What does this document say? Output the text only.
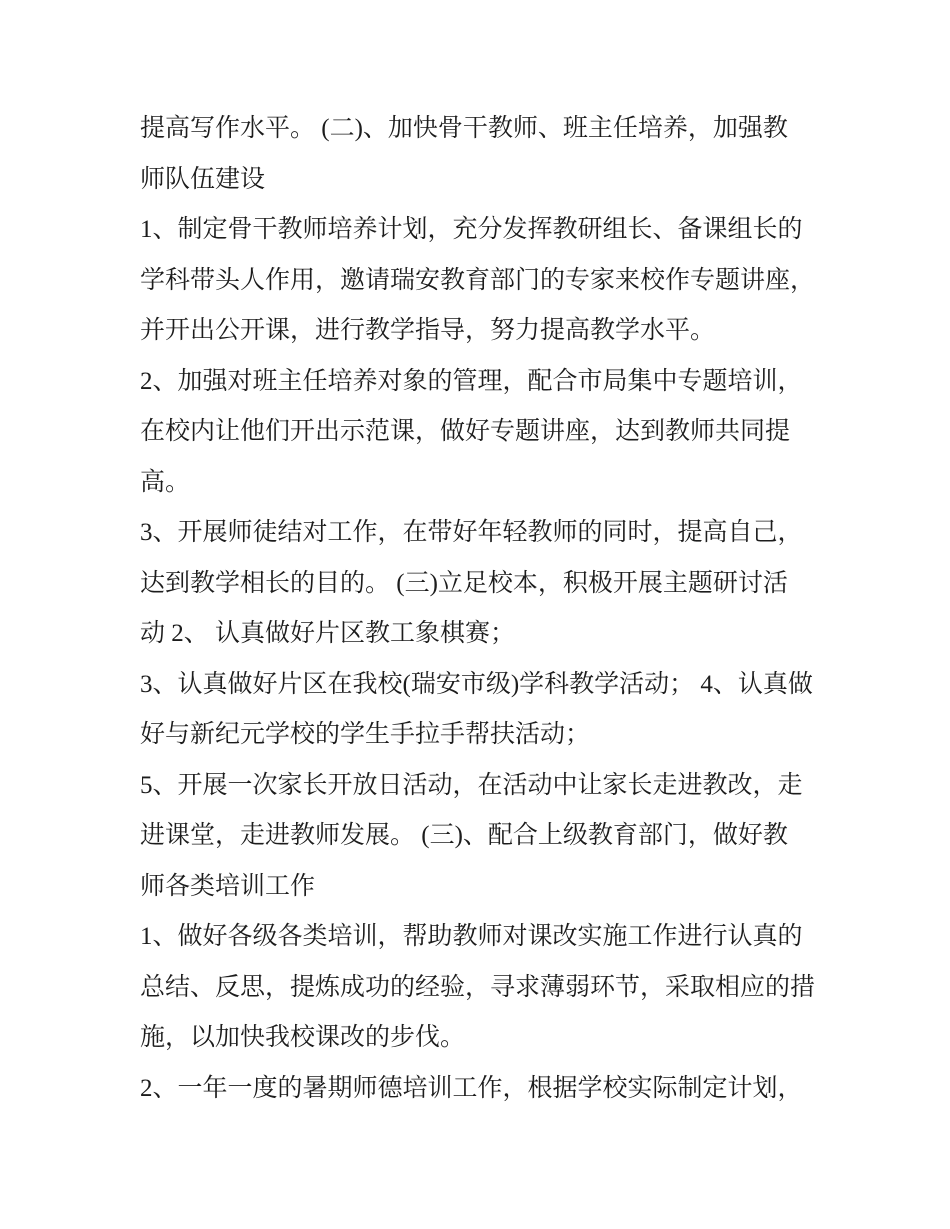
提高写作水平。 (二)、加快骨干教师、班主任培养，加强教
师队伍建设
1、制定骨干教师培养计划，充分发挥教研组长、备课组长的
学科带头人作用，邀请瑞安教育部门的专家来校作专题讲座，
并开出公开课，进行教学指导，努力提高教学水平。
2、加强对班主任培养对象的管理，配合市局集中专题培训，
在校内让他们开出示范课，做好专题讲座，达到教师共同提
高。
3、开展师徒结对工作，在带好年轻教师的同时，提高自己，
达到教学相长的目的。 (三)立足校本，积极开展主题研讨活
动 2、 认真做好片区教工象棋赛；
3、认真做好片区在我校(瑞安市级)学科教学活动； 4、认真做
好与新纪元学校的学生手拉手帮扶活动；
5、开展一次家长开放日活动，在活动中让家长走进教改，走
进课堂，走进教师发展。 (三)、配合上级教育部门，做好教
师各类培训工作
1、做好各级各类培训，帮助教师对课改实施工作进行认真的
总结、反思，提炼成功的经验，寻求薄弱环节，采取相应的措
施，以加快我校课改的步伐。
2、一年一度的暑期师德培训工作，根据学校实际制定计划，
